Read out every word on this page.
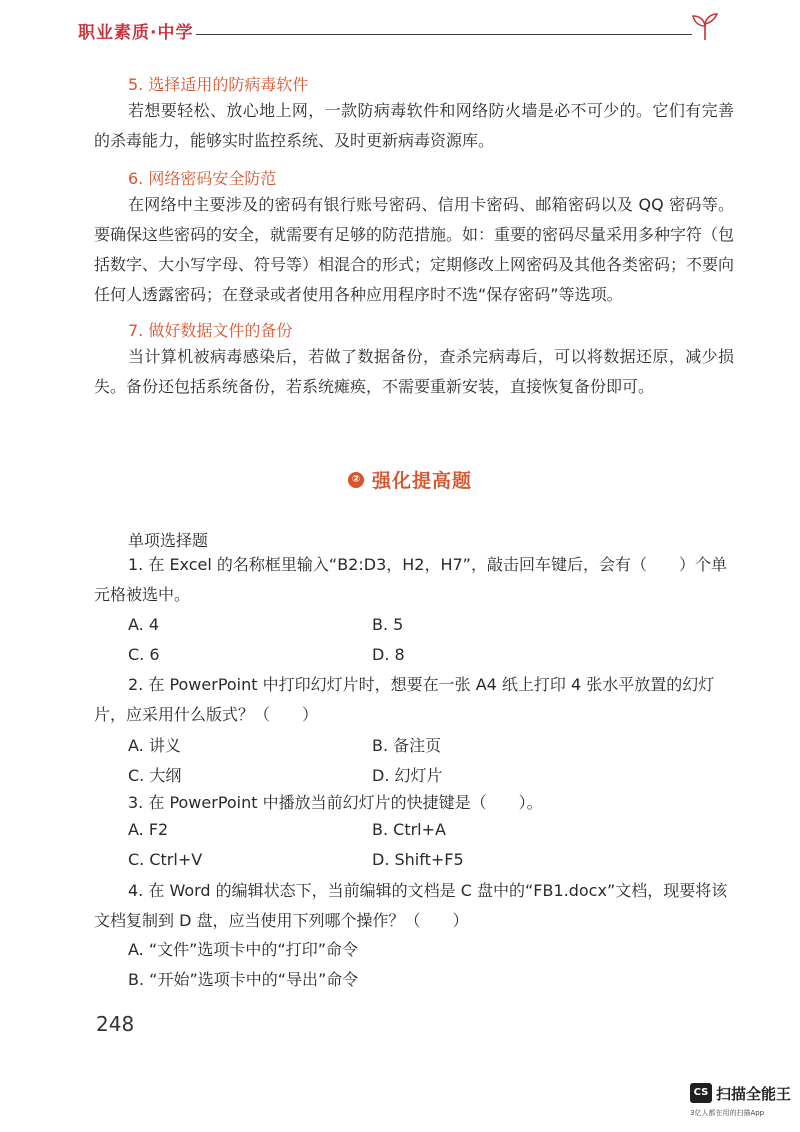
职业素质·中学
5. 选择适用的防病毒软件

若想要轻松、放心地上网，一款防病毒软件和网络防火墙是必不可少的。它们有完善的杀毒能力，能够实时监控系统、及时更新病毒资源库。

6. 网络密码安全防范

在网络中主要涉及的密码有银行账号密码、信用卡密码、邮箱密码以及 QQ 密码等。要确保这些密码的安全，就需要有足够的防范措施。如：重要的密码尽量采用多种字符（包括数字、大小写字母、符号等）相混合的形式；定期修改上网密码及其他各类密码；不要向任何人透露密码；在登录或者使用各种应用程序时不选“保存密码”等选项。

7. 做好数据文件的备份

当计算机被病毒感染后，若做了数据备份，查杀完病毒后，可以将数据还原，减少损失。备份还包括系统备份，若系统瘫痪，不需要重新安装，直接恢复备份即可。

② 强化提高题
单项选择题

1. 在 Excel 的名称框里输入“B2:D3，H2，H7”，敲击回车键后，会有（　　）个单元格被选中。

A. 4	B. 5
C. 6	D. 8

2. 在 PowerPoint 中打印幻灯片时，想要在一张 A4 纸上打印 4 张水平放置的幻灯片，应采用什么版式？（　　）

A. 讲义	B. 备注页
C. 大纲	D. 幻灯片

3. 在 PowerPoint 中播放当前幻灯片的快捷键是（　　）。

A. F2	B. Ctrl+A
C. Ctrl+V	D. Shift+F5

4. 在 Word 的编辑状态下，当前编辑的文档是 C 盘中的“FB1.docx”文档，现要将该文档复制到 D 盘，应当使用下列哪个操作？（　　）

A. “文件”选项卡中的“打印”命令
B. “开始”选项卡中的“导出”命令
248
CS 扫描全能王
3亿人都在用的扫描App
